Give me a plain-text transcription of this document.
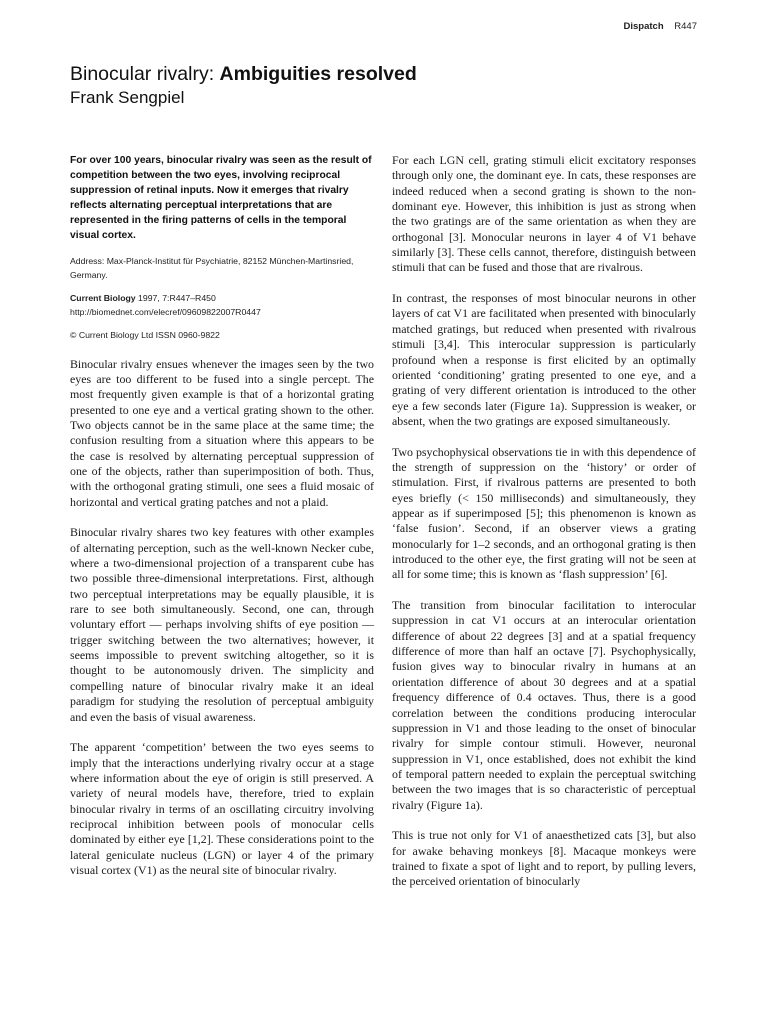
Dispatch R447
Binocular rivalry: Ambiguities resolved
Frank Sengpiel

For over 100 years, binocular rivalry was seen as the result of competition between the two eyes, involving reciprocal suppression of retinal inputs. Now it emerges that rivalry reflects alternating perceptual interpretations that are represented in the firing patterns of cells in the temporal visual cortex.

Address: Max-Planck-Institut für Psychiatrie, 82152 München-Martinsried, Germany.

Current Biology 1997, 7:R447–R450
http://biomednet.com/elecref/09609822007R0447

© Current Biology Ltd ISSN 0960-9822

Binocular rivalry ensues whenever the images seen by the two eyes are too different to be fused into a single percept. The most frequently given example is that of a horizontal grating presented to one eye and a vertical grating shown to the other. Two objects cannot be in the same place at the same time; the confusion resulting from a situation where this appears to be the case is resolved by alternating perceptual suppression of one of the objects, rather than superimposition of both. Thus, with the orthogonal grating stimuli, one sees a fluid mosaic of horizontal and vertical grating patches and not a plaid.

Binocular rivalry shares two key features with other examples of alternating perception, such as the well-known Necker cube, where a two-dimensional projection of a transparent cube has two possible three-dimensional interpretations. First, although two perceptual interpretations may be equally plausible, it is rare to see both simultaneously. Second, one can, through voluntary effort — perhaps involving shifts of eye position — trigger switching between the two alternatives; however, it seems impossible to prevent switching altogether, so it is thought to be autonomously driven. The simplicity and compelling nature of binocular rivalry make it an ideal paradigm for studying the resolution of perceptual ambiguity and even the basis of visual awareness.

The apparent ‘competition’ between the two eyes seems to imply that the interactions underlying rivalry occur at a stage where information about the eye of origin is still preserved. A variety of neural models have, therefore, tried to explain binocular rivalry in terms of an oscillating circuitry involving reciprocal inhibition between pools of monocular cells dominated by either eye [1,2]. These considerations point to the lateral geniculate nucleus (LGN) or layer 4 of the primary visual cortex (V1) as the neural site of binocular rivalry.

For each LGN cell, grating stimuli elicit excitatory responses through only one, the dominant eye. In cats, these responses are indeed reduced when a second grating is shown to the non-dominant eye. However, this inhibition is just as strong when the two gratings are of the same orientation as when they are orthogonal [3]. Monocular neurons in layer 4 of V1 behave similarly [3]. These cells cannot, therefore, distinguish between stimuli that can be fused and those that are rivalrous.

In contrast, the responses of most binocular neurons in other layers of cat V1 are facilitated when presented with binocularly matched gratings, but reduced when presented with rivalrous stimuli [3,4]. This interocular suppression is particularly profound when a response is first elicited by an optimally oriented ‘conditioning’ grating presented to one eye, and a grating of very different orientation is introduced to the other eye a few seconds later (Figure 1a). Suppression is weaker, or absent, when the two gratings are exposed simultaneously.

Two psychophysical observations tie in with this dependence of the strength of suppression on the ‘history’ or order of stimulation. First, if rivalrous patterns are presented to both eyes briefly (< 150 milliseconds) and simultaneously, they appear as if superimposed [5]; this phenomenon is known as ‘false fusion’. Second, if an observer views a grating monocularly for 1–2 seconds, and an orthogonal grating is then introduced to the other eye, the first grating will not be seen at all for some time; this is known as ‘flash suppression’ [6].

The transition from binocular facilitation to interocular suppression in cat V1 occurs at an interocular orientation difference of about 22 degrees [3] and at a spatial frequency difference of more than half an octave [7]. Psychophysically, fusion gives way to binocular rivalry in humans at an orientation difference of about 30 degrees and at a spatial frequency difference of 0.4 octaves. Thus, there is a good correlation between the conditions producing interocular suppression in V1 and those leading to the onset of binocular rivalry for simple contour stimuli. However, neuronal suppression in V1, once established, does not exhibit the kind of temporal pattern needed to explain the perceptual switching between the two images that is so characteristic of perceptual rivalry (Figure 1a).

This is true not only for V1 of anaesthetized cats [3], but also for awake behaving monkeys [8]. Macaque monkeys were trained to fixate a spot of light and to report, by pulling levers, the perceived orientation of binocularly
